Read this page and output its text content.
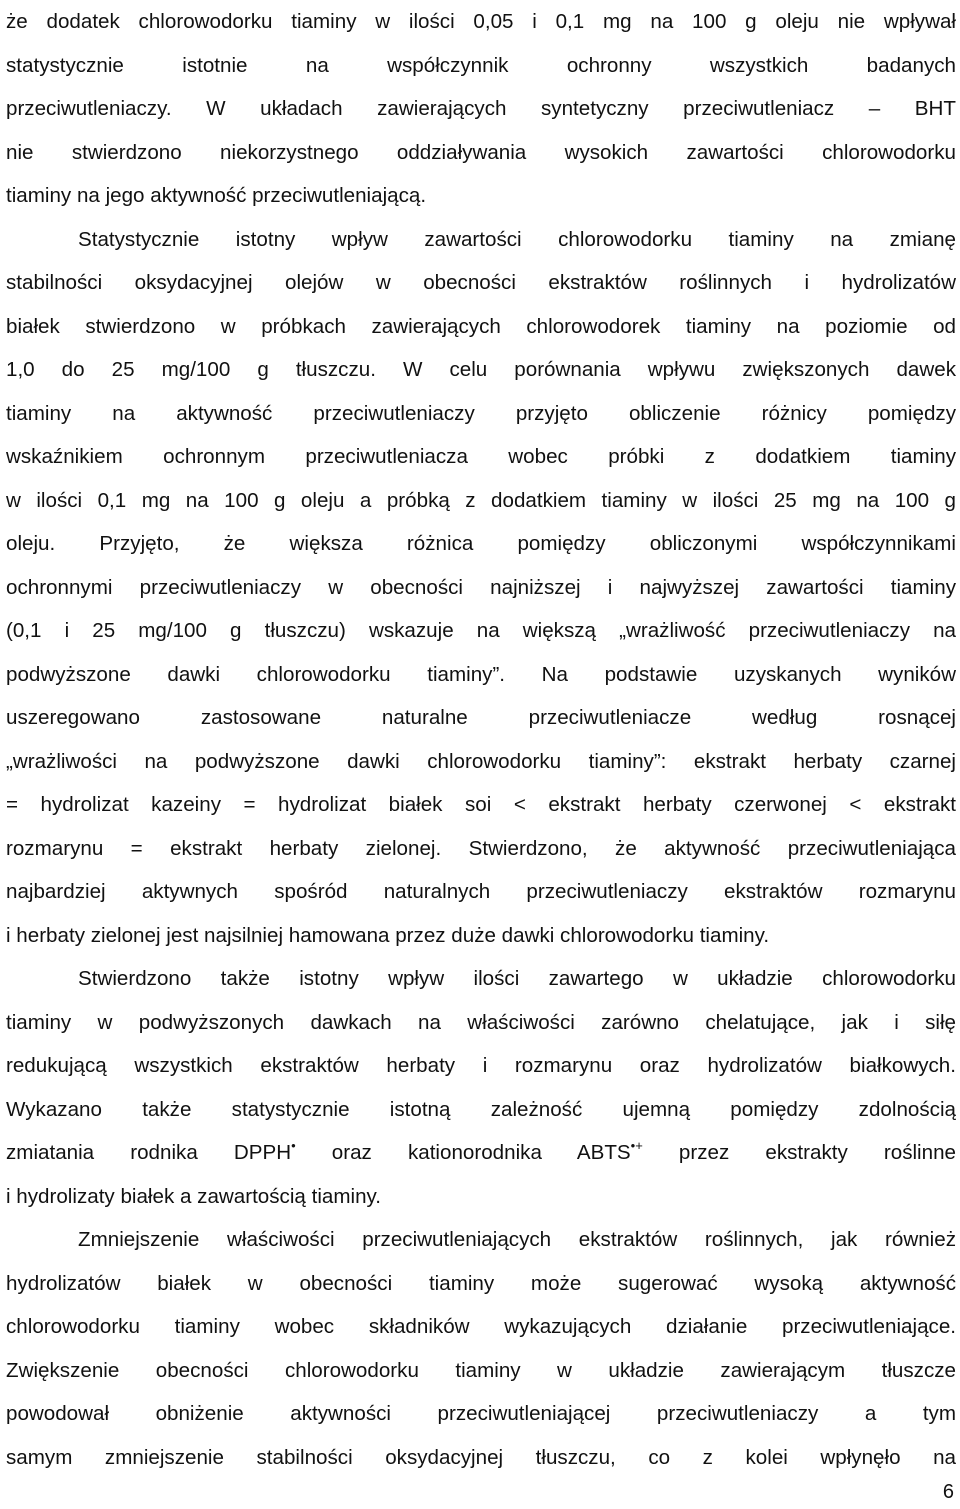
że dodatek chlorowodorku tiaminy w ilości 0,05 i 0,1 mg na 100 g oleju nie wpływał
statystycznie istotnie na współczynnik ochronny wszystkich badanych
przeciwutleniaczy. W układach zawierających syntetyczny przeciwutleniacz – BHT
nie stwierdzono niekorzystnego oddziaływania wysokich zawartości chlorowodorku
tiaminy na jego aktywność przeciwutleniającą.
Statystycznie istotny wpływ zawartości chlorowodorku tiaminy na zmianę
stabilności oksydacyjnej olejów w obecności ekstraktów roślinnych i hydrolizatów
białek stwierdzono w próbkach zawierających chlorowodorek tiaminy na poziomie od
1,0 do 25 mg/100 g tłuszczu. W celu porównania wpływu zwiększonych dawek
tiaminy na aktywność przeciwutleniaczy przyjęto obliczenie różnicy pomiędzy
wskaźnikiem ochronnym przeciwutleniacza wobec próbki z dodatkiem tiaminy
w ilości 0,1 mg na 100 g oleju a próbką z dodatkiem tiaminy w ilości 25 mg na 100 g
oleju. Przyjęto, że większa różnica pomiędzy obliczonymi współczynnikami
ochronnymi przeciwutleniaczy w obecności najniższej i najwyższej zawartości tiaminy
(0,1 i 25 mg/100 g tłuszczu) wskazuje na większą „wrażliwość przeciwutleniaczy na
podwyższone dawki chlorowodorku tiaminy”. Na podstawie uzyskanych wyników
uszeregowano zastosowane naturalne przeciwutleniacze według rosnącej
„wrażliwości na podwyższone dawki chlorowodorku tiaminy”: ekstrakt herbaty czarnej
= hydrolizat kazeiny = hydrolizat białek soi < ekstrakt herbaty czerwonej < ekstrakt
rozmarynu = ekstrakt herbaty zielonej. Stwierdzono, że aktywność przeciwutleniająca
najbardziej aktywnych spośród naturalnych przeciwutleniaczy ekstraktów rozmarynu
i herbaty zielonej jest najsilniej hamowana przez duże dawki chlorowodorku tiaminy.
Stwierdzono także istotny wpływ ilości zawartego w układzie chlorowodorku
tiaminy w podwyższonych dawkach na właściwości zarówno chelatujące, jak i siłę
redukującą wszystkich ekstraktów herbaty i rozmarynu oraz hydrolizatów białkowych.
Wykazano także statystycznie istotną zależność ujemną pomiędzy zdolnością
zmiatania rodnika DPPH• oraz kationorodnika ABTS•+ przez ekstrakty roślinne
i hydrolizaty białek a zawartością tiaminy.
Zmniejszenie właściwości przeciwutleniających ekstraktów roślinnych, jak również
hydrolizatów białek w obecności tiaminy może sugerować wysoką aktywność
chlorowodorku tiaminy wobec składników wykazujących działanie przeciwutleniające.
Zwiększenie obecności chlorowodorku tiaminy w układzie zawierającym tłuszcze
powodował obniżenie aktywności przeciwutleniającej przeciwutleniaczy a tym
samym zmniejszenie stabilności oksydacyjnej tłuszczu, co z kolei wpłynęło na
6
